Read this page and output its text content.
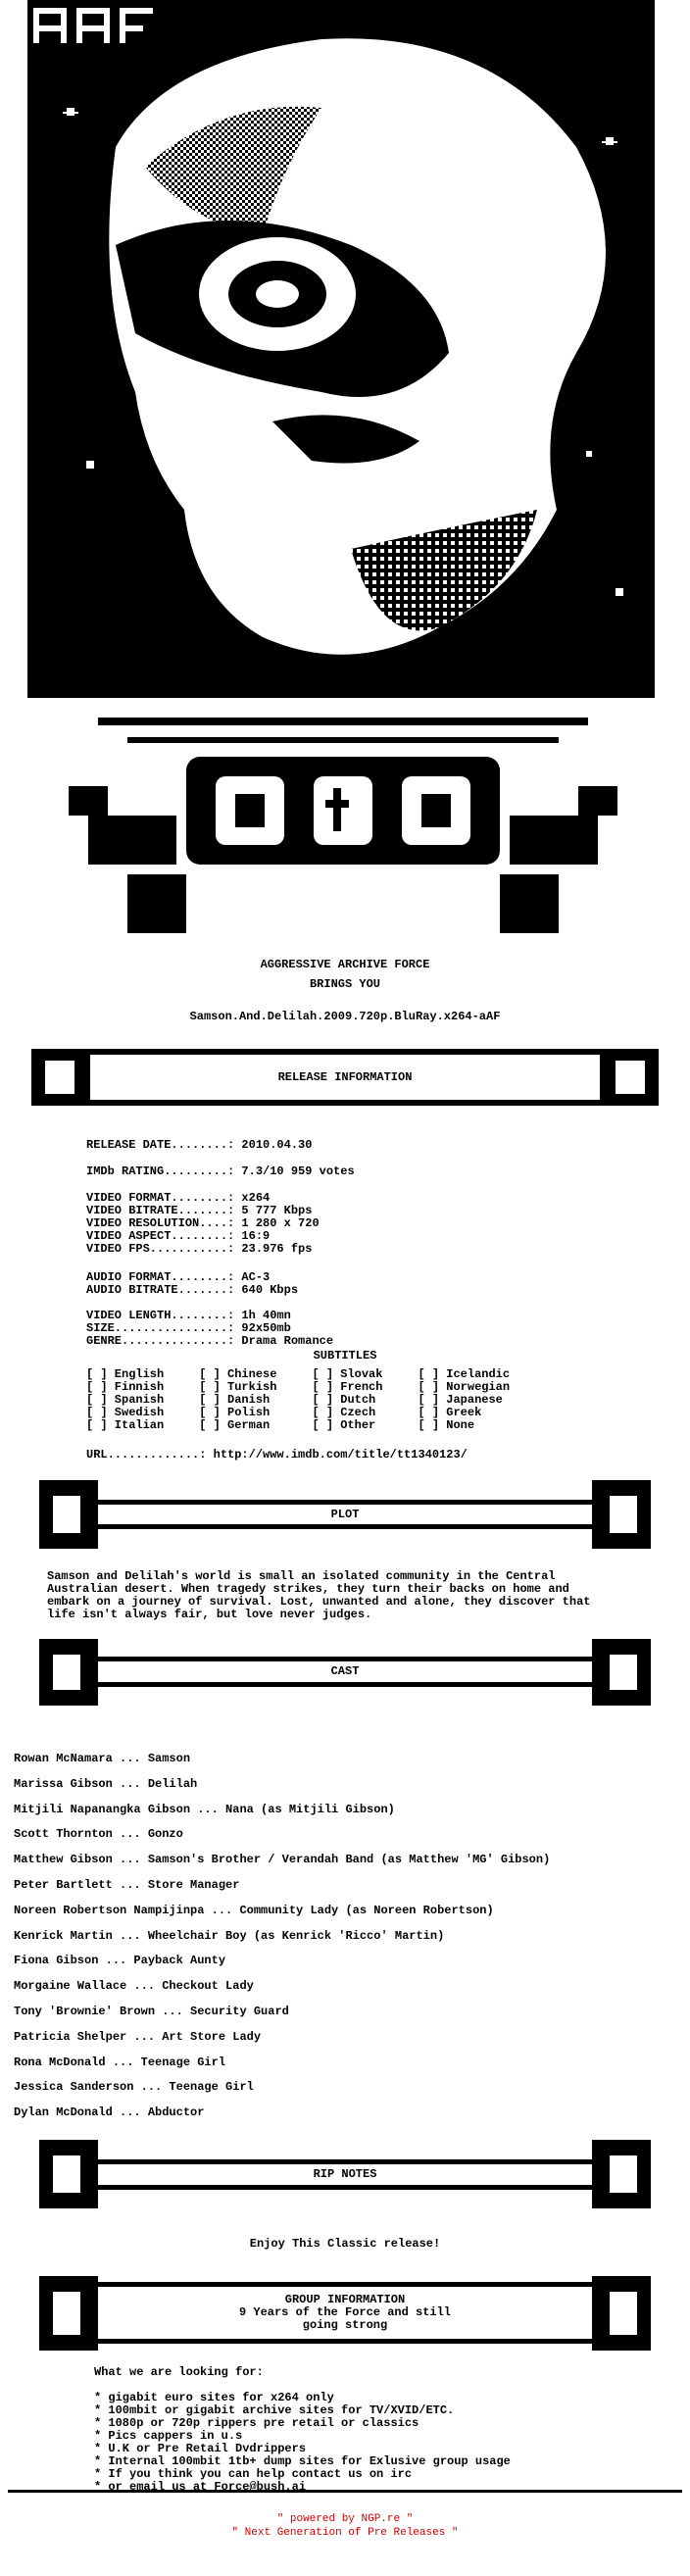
AGGRESSIVE ARCHIVE FORCE
BRINGS YOU
Samson.And.Delilah.2009.720p.BluRay.x264-aAF
RELEASE INFORMATION
RELEASE DATE........: 2010.04.30
IMDb RATING.........: 7.3/10 959 votes
VIDEO FORMAT........: x264
VIDEO BITRATE.......: 5 777 Kbps
VIDEO RESOLUTION....: 1 280 x 720
VIDEO ASPECT........: 16:9
VIDEO FPS...........: 23.976 fps
AUDIO FORMAT........: AC-3
AUDIO BITRATE.......: 640 Kbps
VIDEO LENGTH........: 1h 40mn
SIZE................: 92x50mb
GENRE...............: Drama Romance
SUBTITLES
[ ] English     [ ] Chinese     [ ] Slovak     [ ] Icelandic
[ ] Finnish     [ ] Turkish     [ ] French     [ ] Norwegian
[ ] Spanish     [ ] Danish      [ ] Dutch      [ ] Japanese
[ ] Swedish     [ ] Polish      [ ] Czech      [ ] Greek
[ ] Italian     [ ] German      [ ] Other      [ ] None
URL.............: http://www.imdb.com/title/tt1340123/
PLOT
Samson and Delilah's world is small an isolated community in the Central
Australian desert. When tragedy strikes, they turn their backs on home and
embark on a journey of survival. Lost, unwanted and alone, they discover that
life isn't always fair, but love never judges.
CAST
Rowan McNamara ... Samson
Marissa Gibson ... Delilah
Mitjili Napanangka Gibson ... Nana (as Mitjili Gibson)
Scott Thornton ... Gonzo
Matthew Gibson ... Samson's Brother / Verandah Band (as Matthew 'MG' Gibson)
Peter Bartlett ... Store Manager
Noreen Robertson Nampijinpa ... Community Lady (as Noreen Robertson)
Kenrick Martin ... Wheelchair Boy (as Kenrick 'Ricco' Martin)
Fiona Gibson ... Payback Aunty
Morgaine Wallace ... Checkout Lady
Tony 'Brownie' Brown ... Security Guard
Patricia Shelper ... Art Store Lady
Rona McDonald ... Teenage Girl
Jessica Sanderson ... Teenage Girl
Dylan McDonald ... Abductor
RIP NOTES
Enjoy This Classic release!
GROUP INFORMATION
9 Years of the Force and still
going strong
What we are looking for:
* gigabit euro sites for x264 only
* 100mbit or gigabit archive sites for TV/XVID/ETC.
* 1080p or 720p rippers pre retail or classics
* Pics cappers in u.s
* U.K or Pre Retail Dvdrippers
* Internal 100mbit 1tb+ dump sites for Exlusive group usage
* If you think you can help contact us on irc
* or email us at Force@bush.ai
" powered by NGP.re "
" Next Generation of Pre Releases "
